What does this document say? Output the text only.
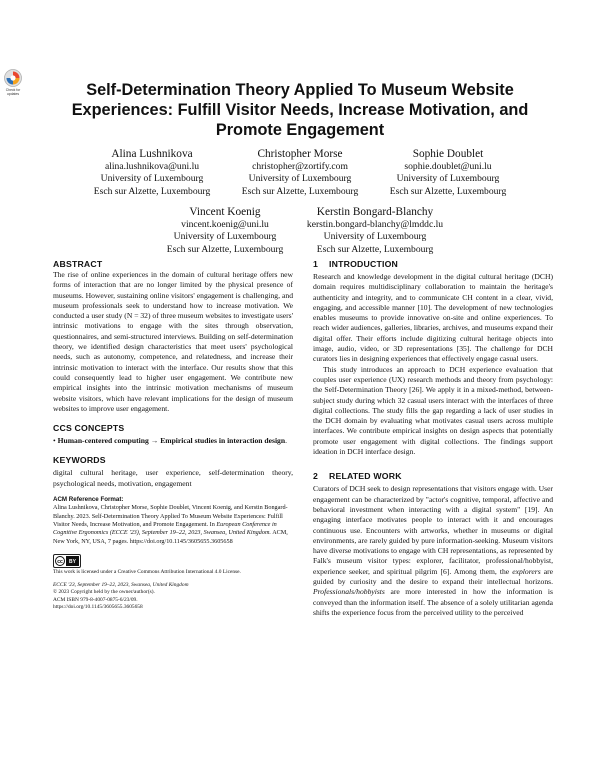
Check for updates	Self-Determination Theory Applied To Museum Website
Experiences: Fulfill Visitor Needs, Increase Motivation, and
Promote Engagement
Alina Lushnikova
alina.lushnikova@uni.lu
University of Luxembourg
Esch sur Alzette, Luxembourg
Christopher Morse
christopher@zortify.com
University of Luxembourg
Esch sur Alzette, Luxembourg
Sophie Doublet
sophie.doublet@uni.lu
University of Luxembourg
Esch sur Alzette, Luxembourg
Vincent Koenig
vincent.koenig@uni.lu
University of Luxembourg
Esch sur Alzette, Luxembourg
Kerstin Bongard-Blanchy
kerstin.bongard-blanchy@lmddc.lu
University of Luxembourg
Esch sur Alzette, Luxembourg
ABSTRACT

The rise of online experiences in the domain of cultural heritage offers new forms of interaction that are no longer limited by the physical presence of museums. However, sustaining online visitors' engagement is challenging, and museum professionals seek to understand how to increase motivation. We conducted a user study (N = 32) of three museum websites to investigate users' intrinsic motivations to engage with the sites through observation, questionnaires, and semi-structured interviews. Building on self-determination theory, we identified design characteristics that meet users' psychological needs, such as autonomy, competence, and relatedness, and increase their intrinsic motivation to interact with the interface. Our results show that this could consequently lead to higher user engagement. We contribute new empirical insights into the intrinsic motivation mechanisms of museum website visitors, which have relevant implications for the design of museum websites to improve user engagement.

CCS CONCEPTS

• Human-centered computing → Empirical studies in interaction design.

KEYWORDS

digital cultural heritage, user experience, self-determination theory, psychological needs, motivation, engagement

ACM Reference Format:
Alina Lushnikova, Christopher Morse, Sophie Doublet, Vincent Koenig, and Kerstin Bongard-Blanchy. 2023. Self-Determination Theory Applied To Museum Website Experiences: Fulfill Visitor Needs, Increase Motivation, and Promote Engagement. In European Conference in Cognitive Ergonomics (ECCE '23), September 19–22, 2023, Swansea, United Kingdom. ACM, New York, NY, USA, 7 pages. https://doi.org/10.1145/3605655.3605658
cc BY
This work is licensed under a Creative Commons Attribution International 4.0 License.
ECCE '23, September 19–22, 2023, Swansea, United Kingdom
© 2023 Copyright held by the owner/author(s).
ACM ISBN 979-8-4007-0875-6/23/09.
https://doi.org/10.1145/3605655.3605658
1 INTRODUCTION

Research and knowledge development in the digital cultural heritage (DCH) domain requires multidisciplinary collaboration to maintain the heritage's authenticity and integrity, and to communicate CH content in a clear, vivid, engaging, and accessible manner [10]. The development of new technologies enables museums to provide innovative on-site and online experiences. To reach wider audiences, galleries, libraries, archives, and museums expand their digital offer. Their efforts include digitizing cultural heritage objects into image, audio, video, or 3D representations [35]. The challenge for DCH curators lies in designing experiences that effectively engage casual users.

This study introduces an approach to DCH experience evaluation that couples user experience (UX) research methods and theory from psychology: the Self-Determination Theory [26]. We apply it in a mixed-method, between-subject study during which 32 casual users interact with the interfaces of three digital collections. The study fills the gap regarding a lack of user studies in the DCH domain by evaluating what motivates casual users across multiple interfaces. We contribute empirical insights on design aspects that potentially promote user engagement with digital collections. The findings support ideation in DCH interface design.

2 RELATED WORK

Curators of DCH seek to design representations that visitors engage with. User engagement can be characterized by "actor's cognitive, temporal, affective and behavioral investment when interacting with a digital system" [19]. An engaging interface motivates people to interact with it and encourages continuous use. Encounters with artworks, whether in museums or digital environments, are rarely guided by pure information-seeking. Museum visitors have diverse motivations to engage with CH representations, as represented by Falk's museum visitor types: explorer, facilitator, professional/hobbyist, experience seeker, and spiritual pilgrim [6]. Among them, the explorers are guided by curiosity and the desire to expand their intellectual horizons. Professionals/hobbyists are more interested in how the information is conveyed than the information itself. The absence of a solely utilitarian agenda shifts the experience focus from the perceived utility to the perceived
